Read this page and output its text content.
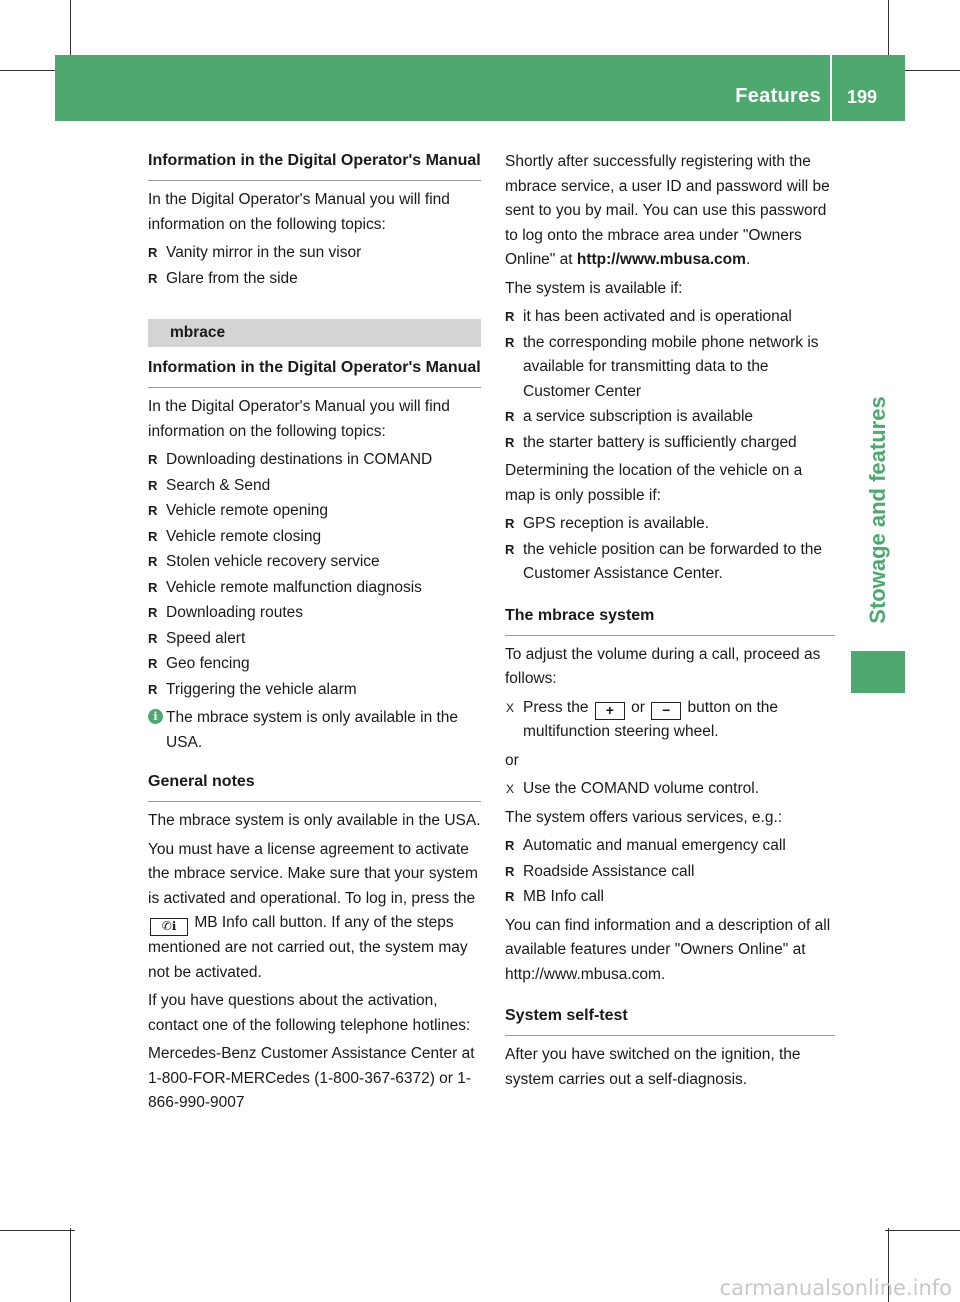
Features 199
Stowage and features
Information in the Digital Operator's Manual

In the Digital Operator's Manual you will find information on the following topics:

R Vanity mirror in the sun visor
R Glare from the side
mbrace
Information in the Digital Operator's Manual

In the Digital Operator's Manual you will find information on the following topics:

R Downloading destinations in COMAND
R Search & Send
R Vehicle remote opening
R Vehicle remote closing
R Stolen vehicle recovery service
R Vehicle remote malfunction diagnosis
R Downloading routes
R Speed alert
R Geo fencing
R Triggering the vehicle alarm
i The mbrace system is only available in the USA.
General notes

The mbrace system is only available in the USA.

You must have a license agreement to activate the mbrace service. Make sure that your system is activated and operational. To log in, press the ✆ℹ MB Info call button. If any of the steps mentioned are not carried out, the system may not be activated.

If you have questions about the activation, contact one of the following telephone hotlines:

Mercedes-Benz Customer Assistance Center at 1-800-FOR-MERCedes (1-800-367-6372) or 1-866-990-9007

Shortly after successfully registering with the mbrace service, a user ID and password will be sent to you by mail. You can use this password to log onto the mbrace area under "Owners Online" at http://www.mbusa.com.

The system is available if:

R it has been activated and is operational
R the corresponding mobile phone network is available for transmitting data to the Customer Center
R a service subscription is available
R the starter battery is sufficiently charged

Determining the location of the vehicle on a map is only possible if:

R GPS reception is available.
R the vehicle position can be forwarded to the Customer Assistance Center.
The mbrace system

To adjust the volume during a call, proceed as follows:

X Press the + or − button on the multifunction steering wheel.

or

X Use the COMAND volume control.

The system offers various services, e.g.:

R Automatic and manual emergency call
R Roadside Assistance call
R MB Info call

You can find information and a description of all available features under "Owners Online" at http://www.mbusa.com.

System self-test

After you have switched on the ignition, the system carries out a self-diagnosis.

carmanualsonline.info
